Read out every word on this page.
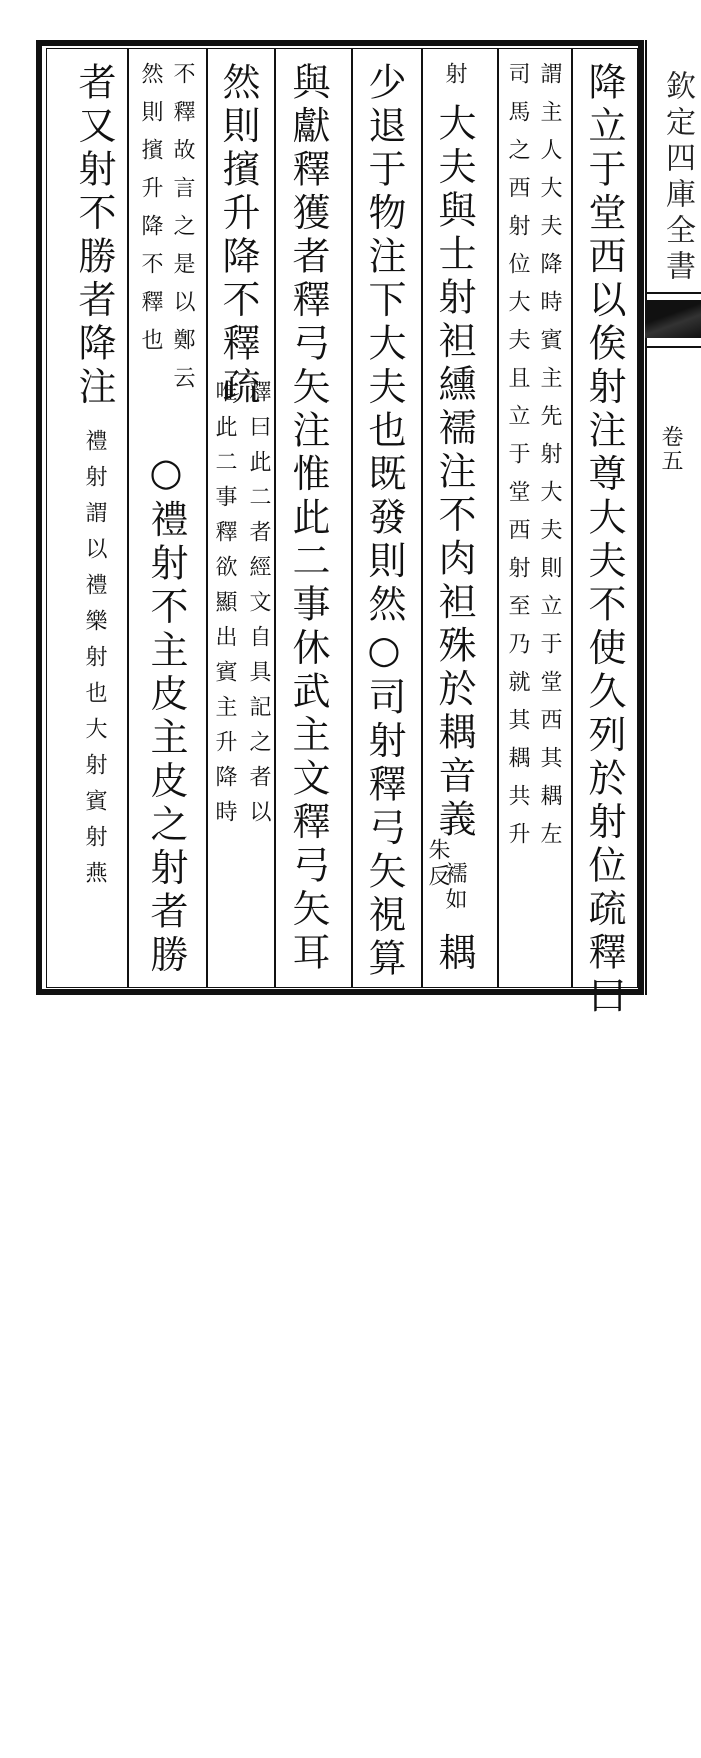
欽定四庫全書
卷五
降立于堂西以俟射注尊大夫不使久列於射位疏釋曰
謂主人大夫降時賓主先射大夫則立于堂西其耦左
司馬之西射位大夫且立于堂西射至乃就其耦共升
射 大夫與士射袒纁襦注不肉袒殊於耦音義 襦如 耦
朱反
少退于物注下大夫也既發則然○司射釋弓矢視算
與獻釋獲者釋弓矢注惟此二事休武主文釋弓矢耳
然則擯升降不釋疏
釋曰此二者經文自具記之者以
唯此二事釋欲顯出賓主升降時
不釋故言之是以鄭云
○禮射不主皮主皮之射者勝
然則擯升降不釋也
者又射不勝者降注 禮射謂以禮樂射也大射賓射燕
